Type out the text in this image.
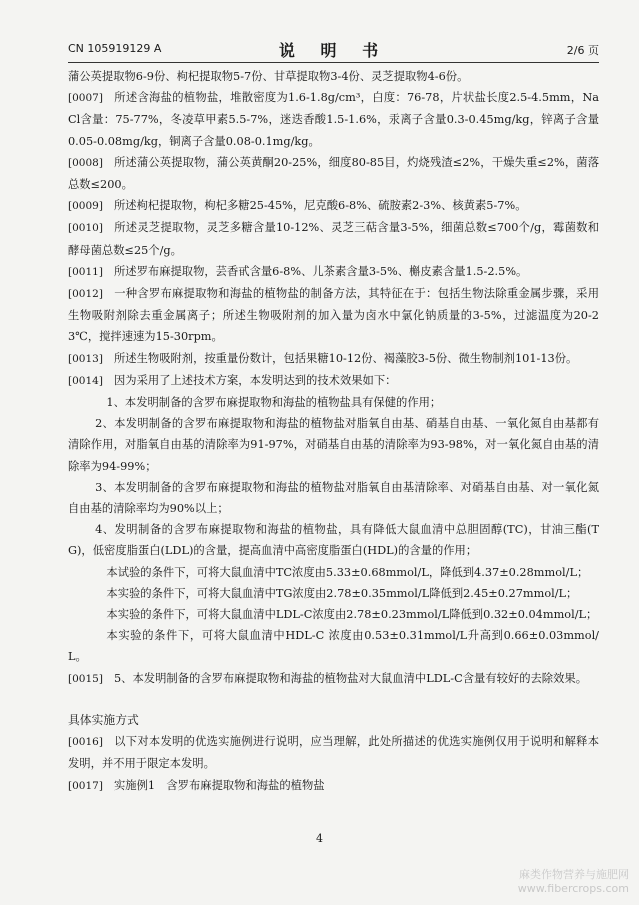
CN 105919129 A	说 明 书	2/6 页

蒲公英提取物6-9份、枸杞提取物5-7份、甘草提取物3-4份、灵芝提取物4-6份。

[0007] 所述含海盐的植物盐，堆散密度为1.6-1.8g/cm³，白度：76-78，片状盐长度2.5-4.5mm，NaCl含量：75-77%，冬凌草甲素5.5-7%，迷迭香酸1.5-1.6%，汞离子含量0.3-0.45mg/kg，锌离子含量0.05-0.08mg/kg，铜离子含量0.08-0.1mg/kg。

[0008] 所述蒲公英提取物，蒲公英黄酮20-25%，细度80-85目，灼烧残渣≤2%，干燥失重≤2%，菌落总数≤200。

[0009] 所述枸杞提取物，枸杞多糖25-45%，尼克酸6-8%、硫胺素2-3%、核黄素5-7%。

[0010] 所述灵芝提取物，灵芝多糖含量10-12%、灵芝三萜含量3-5%，细菌总数≤700个/g，霉菌数和酵母菌总数≤25个/g。

[0011] 所述罗布麻提取物，芸香甙含量6-8%、儿茶素含量3-5%、槲皮素含量1.5-2.5%。

[0012] 一种含罗布麻提取物和海盐的植物盐的制备方法，其特征在于：包括生物法除重金属步骤，采用生物吸附剂除去重金属离子；所述生物吸附剂的加入量为卤水中氯化钠质量的3-5%，过滤温度为20-23℃，搅拌速速为15-30rpm。

[0013] 所述生物吸附剂，按重量份数计，包括果糖10-12份、褐藻胶3-5份、微生物制剂101-13份。

[0014] 因为采用了上述技术方案，本发明达到的技术效果如下：

1、本发明制备的含罗布麻提取物和海盐的植物盐具有保健的作用；

2、本发明制备的含罗布麻提取物和海盐的植物盐对脂氧自由基、硝基自由基、一氧化氮自由基都有清除作用，对脂氧自由基的清除率为91-97%，对硝基自由基的清除率为93-98%，对一氧化氮自由基的清除率为94-99%；

3、本发明制备的含罗布麻提取物和海盐的植物盐对脂氧自由基清除率、对硝基自由基、对一氧化氮自由基的清除率均为90%以上；

4、发明制备的含罗布麻提取物和海盐的植物盐，具有降低大鼠血清中总胆固醇(TC)，甘油三酯(TG)，低密度脂蛋白(LDL)的含量，提高血清中高密度脂蛋白(HDL)的含量的作用；

本试验的条件下，可将大鼠血清中TC浓度由5.33±0.68mmol/L，降低到4.37±0.28mmol/L；

本实验的条件下，可将大鼠血清中TG浓度由2.78±0.35mmol/L降低到2.45±0.27mmol/L；

本实验的条件下，可将大鼠血清中LDL-C浓度由2.78±0.23mmol/L降低到0.32±0.04mmol/L；

本实验的条件下，可将大鼠血清中HDL-C 浓度由0.53±0.31mmol/L升高到0.66±0.03mmol/L。

[0015] 5、本发明制备的含罗布麻提取物和海盐的植物盐对大鼠血清中LDL-C含量有较好的去除效果。

具体实施方式

[0016] 以下对本发明的优选实施例进行说明，应当理解，此处所描述的优选实施例仅用于说明和解释本发明，并不用于限定本发明。

[0017] 实施例1　含罗布麻提取物和海盐的植物盐

4
麻类作物营养与施肥网
www.fibercrops.com
